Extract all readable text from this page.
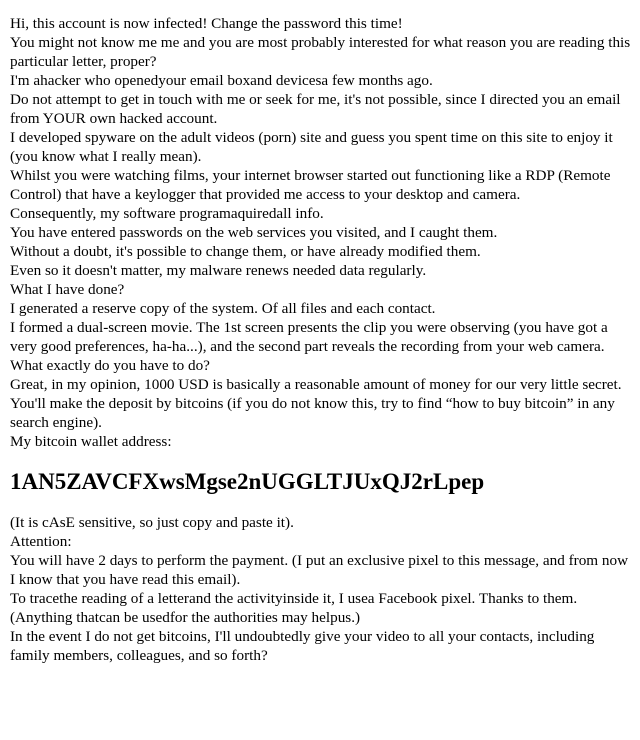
Hi, this account is now infected! Change the password this time!

You might not know me me and you are most probably interested for what reason you are reading this particular letter, proper?

I'm ahacker who openedyour email boxand devicesa few months ago.

Do not attempt to get in touch with me or seek for me, it's not possible, since I directed you an email from YOUR own hacked account.

I developed spyware on the adult videos (porn) site and guess you spent time on this site to enjoy it (you know what I really mean).

Whilst you were watching films, your internet browser started out functioning like a RDP (Remote Control) that have a keylogger that provided me access to your desktop and camera.

Consequently, my software programaquiredall info.

You have entered passwords on the web services you visited, and I caught them.

Without a doubt, it's possible to change them, or have already modified them.

Even so it doesn't matter, my malware renews needed data regularly.

What I have done?

I generated a reserve copy of the system. Of all files and each contact.

I formed a dual-screen movie. The 1st screen presents the clip you were observing (you have got a very good preferences, ha-ha...), and the second part reveals the recording from your web camera.

What exactly do you have to do?

Great, in my opinion, 1000 USD is basically a reasonable amount of money for our very little secret.

You'll make the deposit by bitcoins (if you do not know this, try to find “how to buy bitcoin” in any search engine).

My bitcoin wallet address:

1AN5ZAVCFXwsMgse2nUGGLTJUxQJ2rLpep

(It is cAsE sensitive, so just copy and paste it).

Attention:

You will have 2 days to perform the payment. (I put an exclusive pixel to this message, and from now I know that you have read this email).

To tracethe reading of a letterand the activityinside it, I usea Facebook pixel. Thanks to them. (Anything thatcan be usedfor the authorities may helpus.)

In the event I do not get bitcoins, I'll undoubtedly give your video to all your contacts, including family members, colleagues, and so forth?
